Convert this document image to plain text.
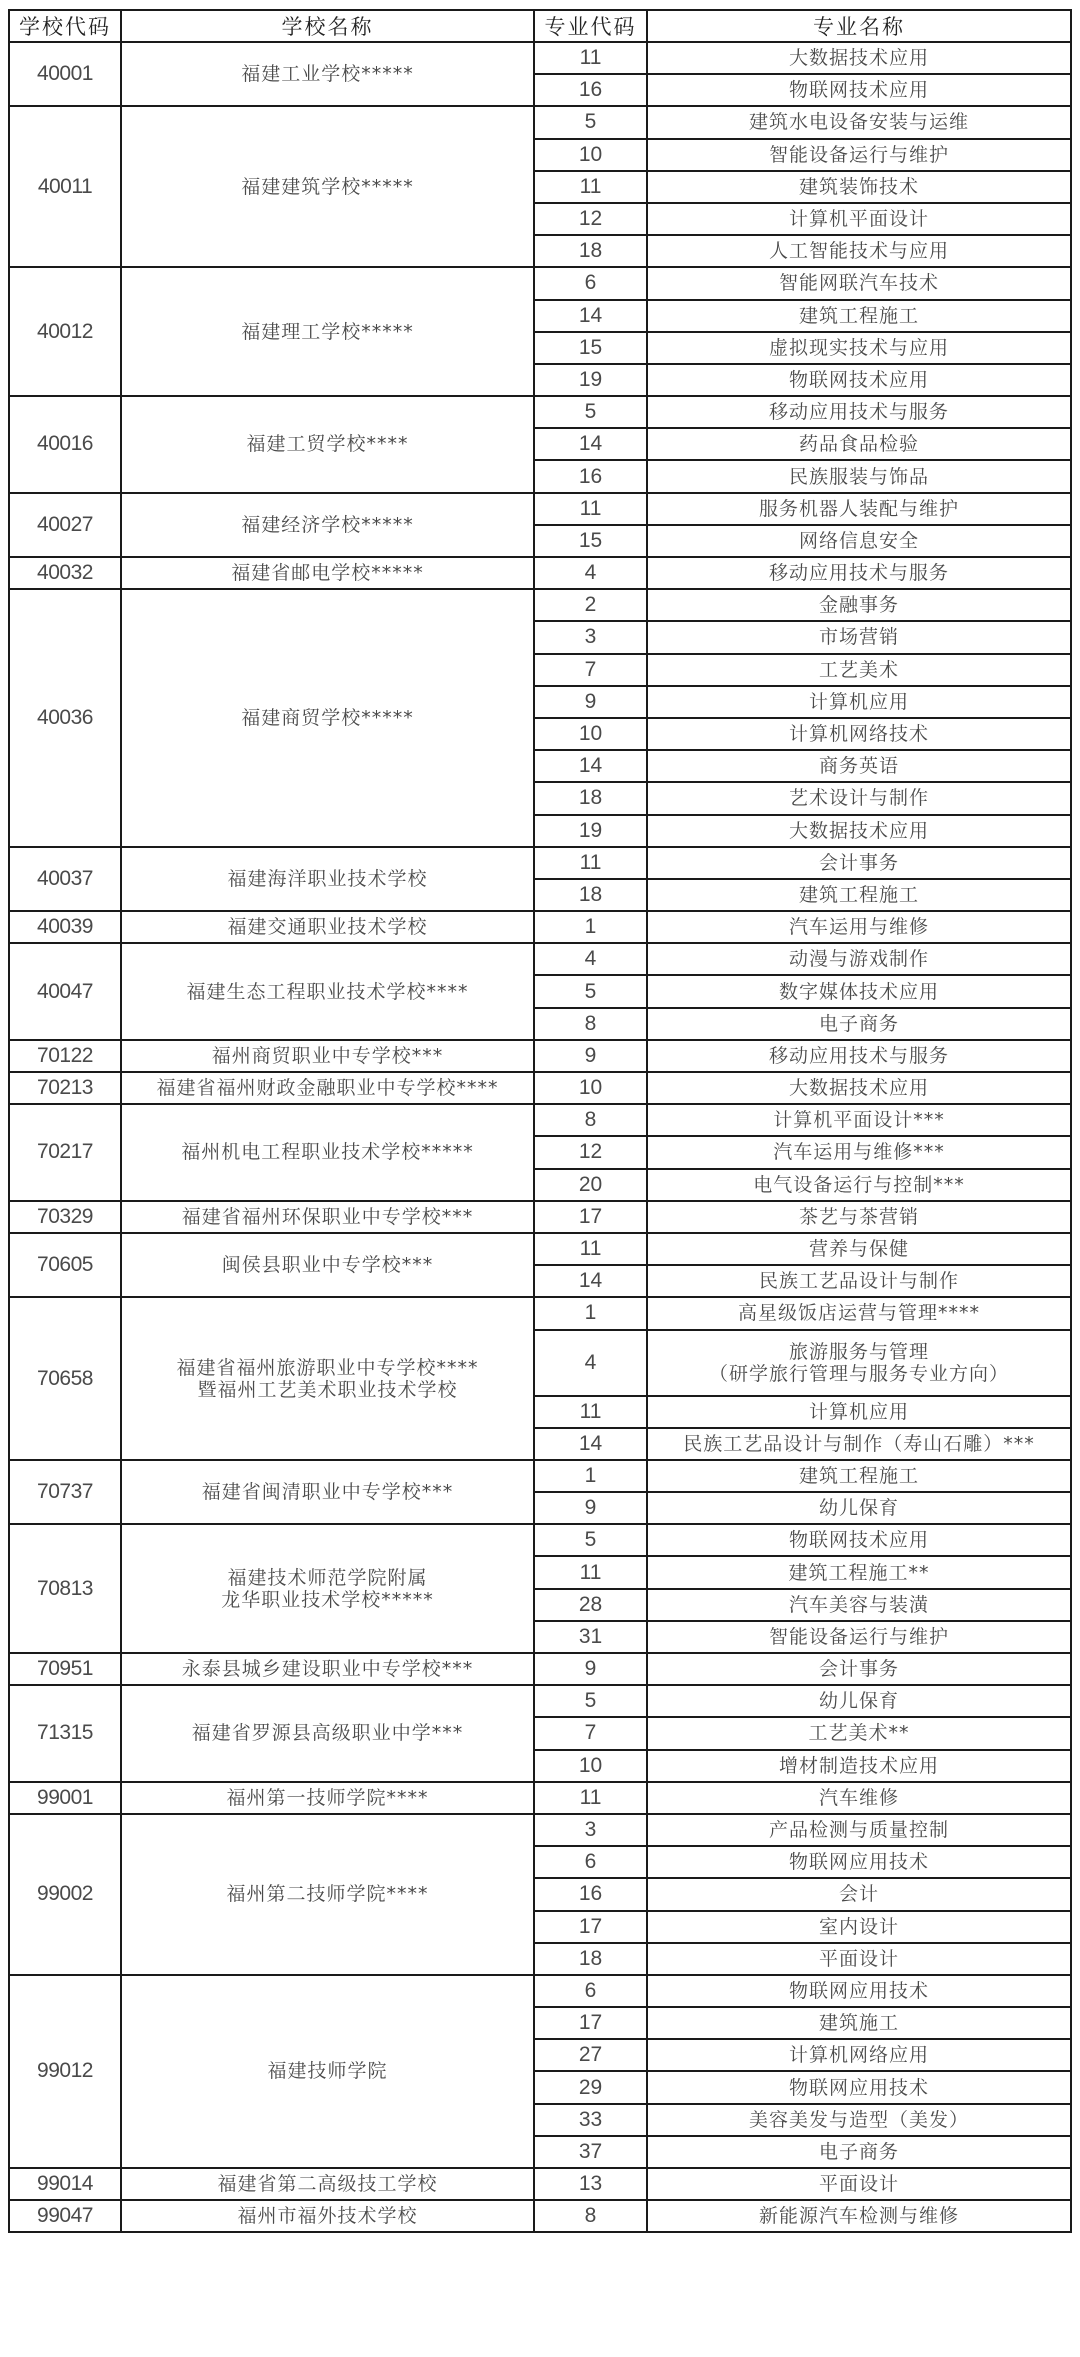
学校代码	学校名称	专业代码	专业名称
40001	福建工业学校*****	11	大数据技术应用

		16	物联网技术应用

40011	福建建筑学校*****	5	建筑水电设备安装与运维

		10	智能设备运行与维护

		11	建筑装饰技术

		12	计算机平面设计

		18	人工智能技术与应用

40012	福建理工学校*****	6	智能网联汽车技术

		14	建筑工程施工

		15	虚拟现实技术与应用

		19	物联网技术应用

40016	福建工贸学校****	5	移动应用技术与服务

		14	药品食品检验

		16	民族服装与饰品

40027	福建经济学校*****	11	服务机器人装配与维护

		15	网络信息安全

40032	福建省邮电学校*****	4	移动应用技术与服务

40036	福建商贸学校*****	2	金融事务

		3	市场营销

		7	工艺美术

		9	计算机应用

		10	计算机网络技术

		14	商务英语

		18	艺术设计与制作

		19	大数据技术应用

40037	福建海洋职业技术学校	11	会计事务

		18	建筑工程施工

40039	福建交通职业技术学校	1	汽车运用与维修

40047	福建生态工程职业技术学校****	4	动漫与游戏制作

		5	数字媒体技术应用

		8	电子商务

70122	福州商贸职业中专学校***	9	移动应用技术与服务

70213	福建省福州财政金融职业中专学校****	10	大数据技术应用

70217	福州机电工程职业技术学校*****	8	计算机平面设计***

		12	汽车运用与维修***

		20	电气设备运行与控制***

70329	福建省福州环保职业中专学校***	17	茶艺与茶营销

70605	闽侯县职业中专学校***	11	营养与保健

		14	民族工艺品设计与制作

70658	福建省福州旅游职业中专学校****
暨福州工艺美术职业技术学校	1	高星级饭店运营与管理****

		4	旅游服务与管理
（研学旅行管理与服务专业方向）

		11	计算机应用

		14	民族工艺品设计与制作（寿山石雕）***

70737	福建省闽清职业中专学校***	1	建筑工程施工

		9	幼儿保育

70813	福建技术师范学院附属
龙华职业技术学校*****	5	物联网技术应用

		11	建筑工程施工**

		28	汽车美容与装潢

		31	智能设备运行与维护

70951	永泰县城乡建设职业中专学校***	9	会计事务

71315	福建省罗源县高级职业中学***	5	幼儿保育

		7	工艺美术**

		10	增材制造技术应用

99001	福州第一技师学院****	11	汽车维修

99002	福州第二技师学院****	3	产品检测与质量控制

		6	物联网应用技术

		16	会计

		17	室内设计

		18	平面设计

99012	福建技师学院	6	物联网应用技术

		17	建筑施工

		27	计算机网络应用

		29	物联网应用技术

		33	美容美发与造型（美发）

		37	电子商务

99014	福建省第二高级技工学校	13	平面设计

99047	福州市福外技术学校	8	新能源汽车检测与维修
